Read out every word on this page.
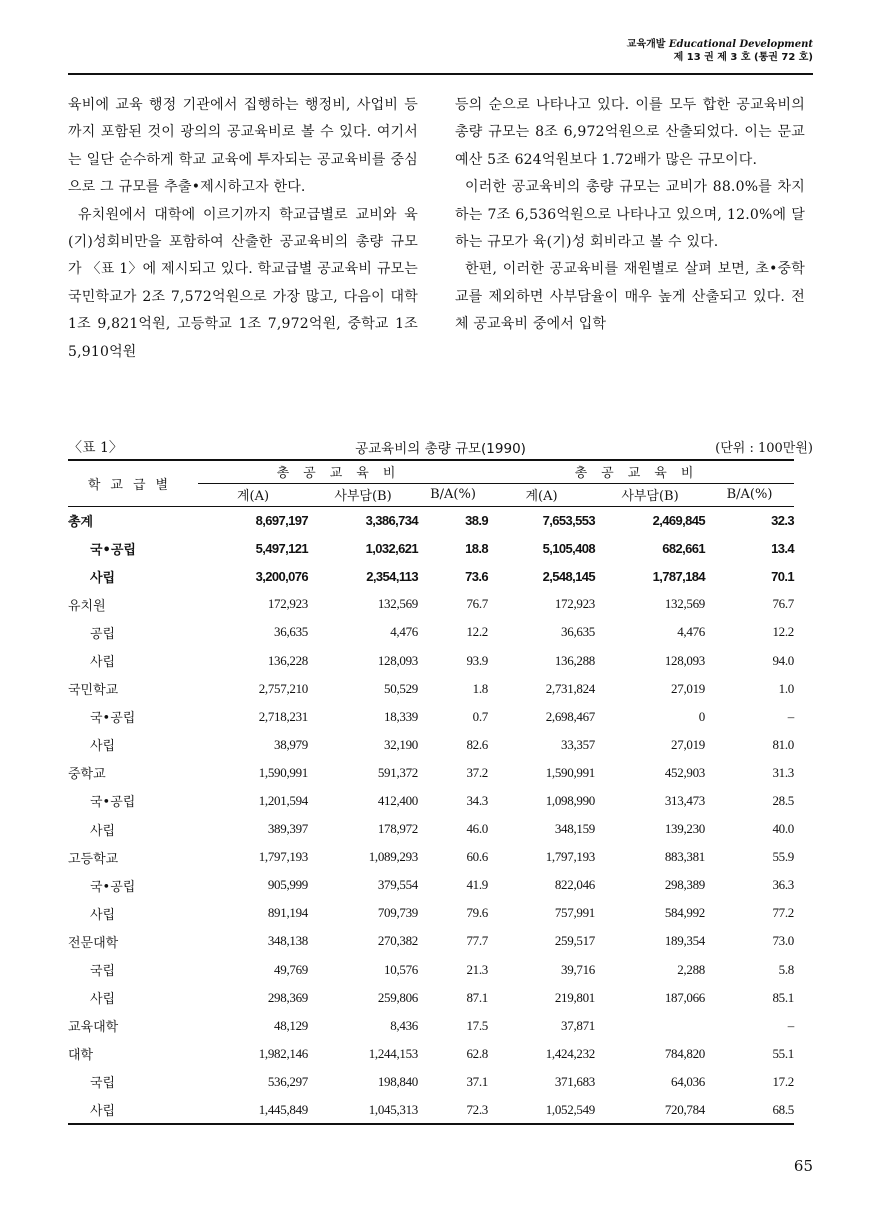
교육개발 Educational Development
제 13 권 제 3 호 (통권 72 호)

육비에 교육 행정 기관에서 집행하는 행정비, 사업비 등까지 포함된 것이 광의의 공교육비로 볼 수 있다. 여기서는 일단 순수하게 학교 교육에 투자되는 공교육비를 중심으로 그 규모를 추출•제시하고자 한다.

유치원에서 대학에 이르기까지 학교급별로 교비와 육(기)성회비만을 포함하여 산출한 공교육비의 총량 규모가 〈표 1〉에 제시되고 있다. 학교급별 공교육비 규모는 국민학교가 2조 7,572억원으로 가장 많고, 다음이 대학 1조 9,821억원, 고등학교 1조 7,972억원, 중학교 1조 5,910억원

등의 순으로 나타나고 있다. 이를 모두 합한 공교육비의 총량 규모는 8조 6,972억원으로 산출되었다. 이는 문교 예산 5조 624억원보다 1.72배가 많은 규모이다.

이러한 공교육비의 총량 규모는 교비가 88.0%를 차지하는 7조 6,536억원으로 나타나고 있으며, 12.0%에 달하는 규모가 육(기)성 회비라고 볼 수 있다.

한편, 이러한 공교육비를 재원별로 살펴 보면, 초•중학교를 제외하면 사부담율이 매우 높게 산출되고 있다. 전체 공교육비 중에서 입학

〈표 1〉	공교육비의 총량 규모(1990)	(단위 : 100만원)
학교급별	총공교육비			총공교육비		
	계(A)	사부담(B)	B/A(%)	계(A)	사부담(B)	B/A(%)
총계	8,697,197	3,386,734	38.9	7,653,553	2,469,845	32.3
국•공립	5,497,121	1,032,621	18.8	5,105,408	682,661	13.4
사립	3,200,076	2,354,113	73.6	2,548,145	1,787,184	70.1
유치원	172,923	132,569	76.7	172,923	132,569	76.7
공립	36,635	4,476	12.2	36,635	4,476	12.2
사립	136,228	128,093	93.9	136,288	128,093	94.0
국민학교	2,757,210	50,529	1.8	2,731,824	27,019	1.0
국•공립	2,718,231	18,339	0.7	2,698,467	0	–
사립	38,979	32,190	82.6	33,357	27,019	81.0
중학교	1,590,991	591,372	37.2	1,590,991	452,903	31.3
국•공립	1,201,594	412,400	34.3	1,098,990	313,473	28.5
사립	389,397	178,972	46.0	348,159	139,230	40.0
고등학교	1,797,193	1,089,293	60.6	1,797,193	883,381	55.9
국•공립	905,999	379,554	41.9	822,046	298,389	36.3
사립	891,194	709,739	79.6	757,991	584,992	77.2
전문대학	348,138	270,382	77.7	259,517	189,354	73.0
국립	49,769	10,576	21.3	39,716	2,288	5.8
사립	298,369	259,806	87.1	219,801	187,066	85.1
교육대학	48,129	8,436	17.5	37,871		–
대학	1,982,146	1,244,153	62.8	1,424,232	784,820	55.1
국립	536,297	198,840	37.1	371,683	64,036	17.2
사립	1,445,849	1,045,313	72.3	1,052,549	720,784	68.5
65
